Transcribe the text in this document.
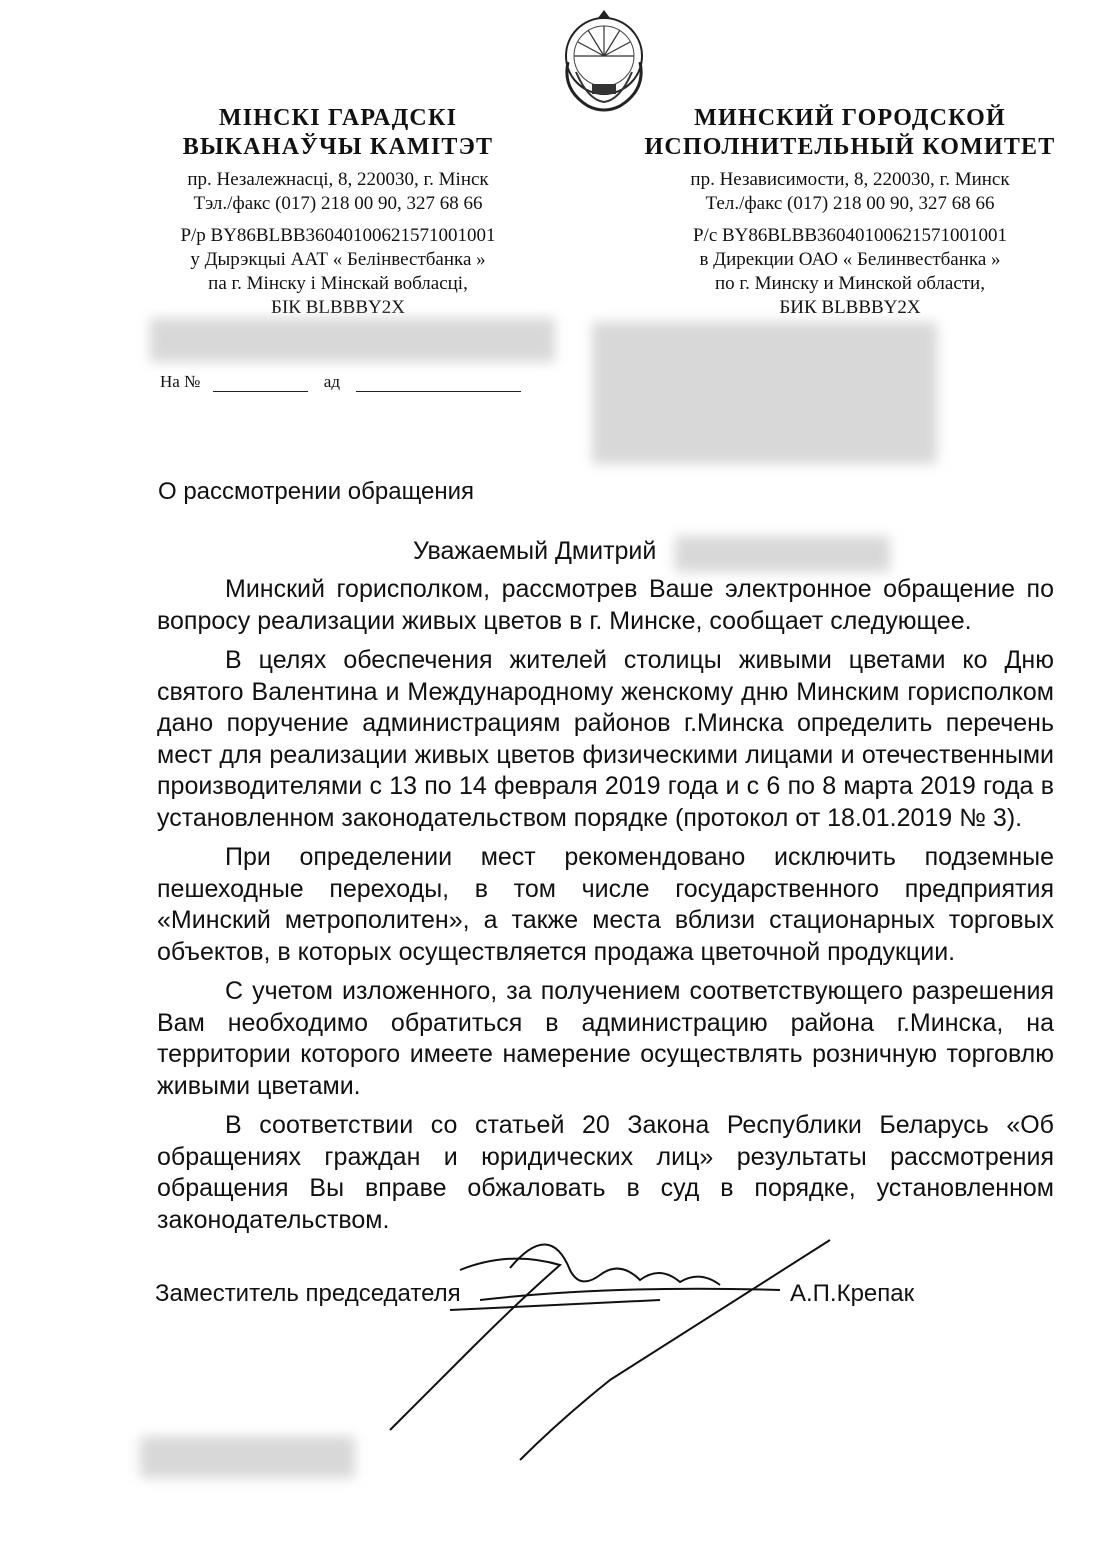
МІНСКІ ГАРАДСКІ
ВЫКАНАЎЧЫ КАМІТЭТ
пр. Незалежнасці, 8, 220030, г. Мінск
Тэл./факс (017) 218 00 90, 327 68 66
Р/р BY86BLBB36040100621571001001
у Дырэкцыі ААТ « Белінвестбанка »
па г. Мінску і Мінскай вобласці,
БІК BLBBBY2X
МИНСКИЙ ГОРОДСКОЙ
ИСПОЛНИТЕЛЬНЫЙ КОМИТЕТ
пр. Независимости, 8, 220030, г. Минск
Тел./факс (017) 218 00 90, 327 68 66
Р/с BY86BLBB36040100621571001001
в Дирекции ОАО « Белинвестбанка »
по г. Минску и Минской области,
БИК BLBBBY2X
На №	ад
О рассмотрении обращения
Уважаемый Дмитрий

Минский горисполком, рассмотрев Ваше электронное обращение по вопросу реализации живых цветов в г. Минске, сообщает следующее.

В целях обеспечения жителей столицы живыми цветами ко Дню святого Валентина и Международному женскому дню Минским горисполком дано поручение администрациям районов г.Минска определить перечень мест для реализации живых цветов физическими лицами и отечественными производителями с 13 по 14 февраля 2019 года и с 6 по 8 марта 2019 года в установленном законодательством порядке (протокол от 18.01.2019 № 3).

При определении мест рекомендовано исключить подземные пешеходные переходы, в том числе государственного предприятия «Минский метрополитен», а также места вблизи стационарных торговых объектов, в которых осуществляется продажа цветочной продукции.

С учетом изложенного, за получением соответствующего разрешения Вам необходимо обратиться в администрацию района г.Минска, на территории которого имеете намерение осуществлять розничную торговлю живыми цветами.

В соответствии со статьей 20 Закона Республики Беларусь «Об обращениях граждан и юридических лиц» результаты рассмотрения обращения Вы вправе обжаловать в суд в порядке, установленном законодательством.

Заместитель председателя	А.П.Крепак
